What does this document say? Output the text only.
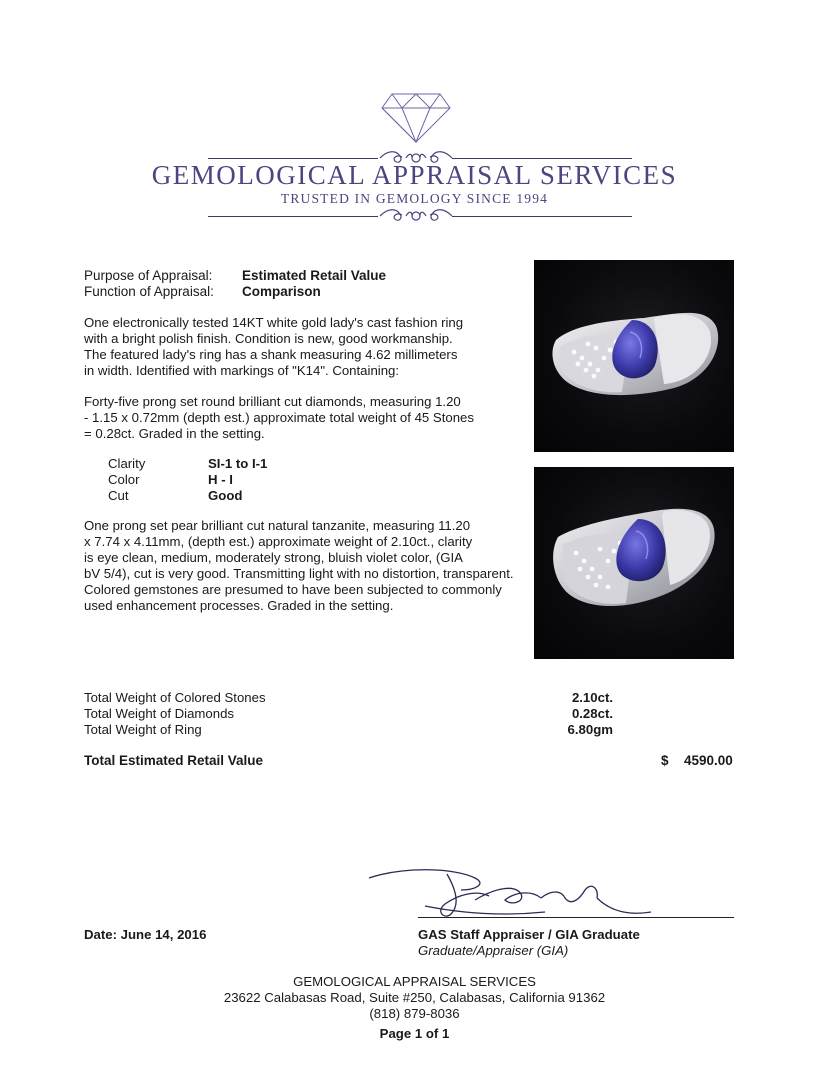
GEMOLOGICAL APPRAISAL SERVICES
TRUSTED IN GEMOLOGY SINCE 1994
Purpose of Appraisal: Estimated Retail Value
Function of Appraisal: Comparison
One electronically tested 14KT white gold lady's cast fashion ring
with a bright polish finish. Condition is new, good workmanship.
The featured lady's ring has a shank measuring 4.62 millimeters
in width. Identified with markings of "K14". Containing:
Forty-five prong set round brilliant cut diamonds, measuring 1.20
- 1.15 x 0.72mm (depth est.) approximate total weight of 45 Stones
= 0.28ct. Graded in the setting.
Clarity	SI-1 to I-1
Color	H - I
Cut	Good
One prong set pear brilliant cut natural tanzanite, measuring 11.20
x 7.74 x 4.11mm, (depth est.) approximate weight of 2.10ct., clarity
is eye clean, medium, moderately strong, bluish violet color, (GIA
bV 5/4), cut is very good. Transmitting light with no distortion, transparent.
Colored gemstones are presumed to have been subjected to commonly
used enhancement processes. Graded in the setting.
Total Weight of Colored Stones	2.10ct.
Total Weight of Diamonds	0.28ct.
Total Weight of Ring	6.80gm
Total Estimated Retail Value	$ 4590.00
Date: June 14, 2016	GAS Staff Appraiser / GIA Graduate
Graduate/Appraiser (GIA)
GEMOLOGICAL APPRAISAL SERVICES
23622 Calabasas Road, Suite #250, Calabasas, California 91362
(818) 879-8036
Page 1 of 1
